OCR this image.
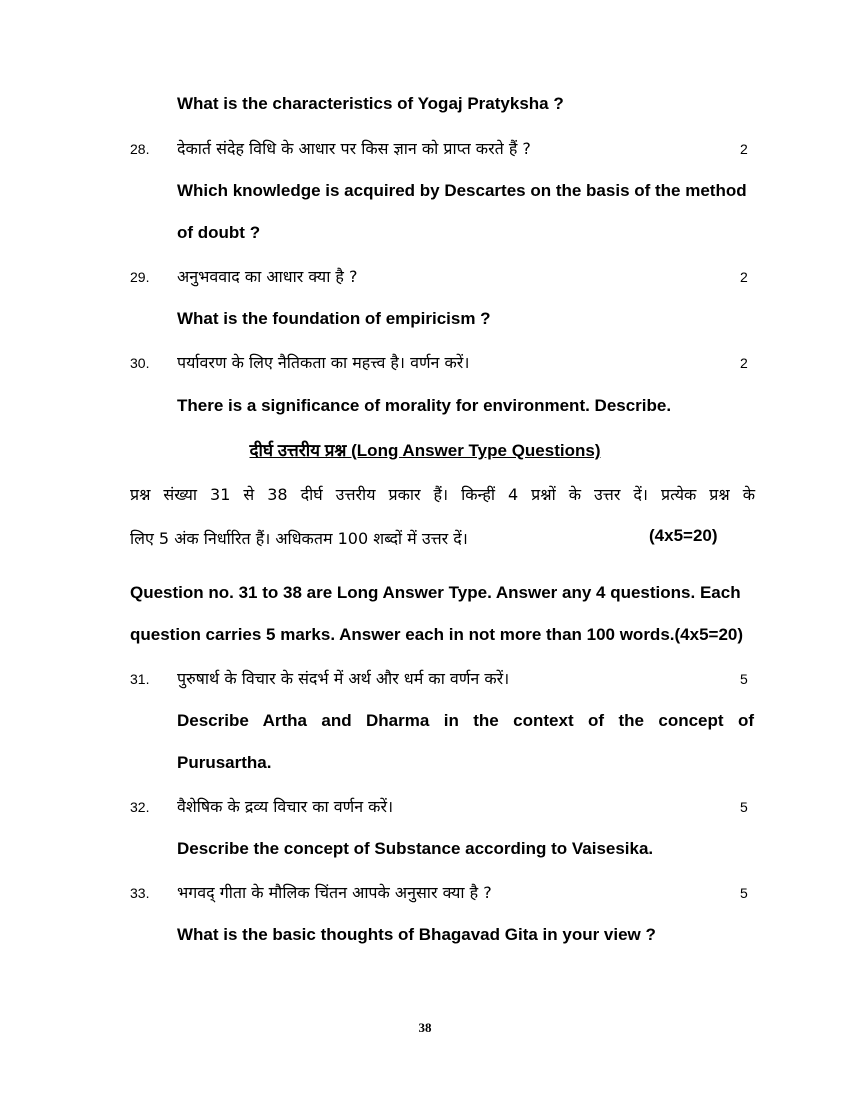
What is the characteristics of Yogaj Pratyksha ?
28. देकार्त संदेह विधि के आधार पर किस ज्ञान को प्राप्त करते हैं ?	2
Which knowledge is acquired by Descartes on the basis of the method
of doubt ?
29. अनुभववाद का आधार क्या है ?	2
What is the foundation of empiricism ?
30. पर्यावरण के लिए नैतिकता का महत्त्व है। वर्णन करें।	2
There is a significance of morality for environment. Describe.
दीर्घ उत्तरीय प्रश्न (Long Answer Type Questions)
प्रश्न संख्या 31 से 38 दीर्घ उत्तरीय प्रकार हैं। किन्हीं 4 प्रश्नों के उत्तर दें। प्रत्येक प्रश्न के
लिए 5 अंक निर्धारित हैं। अधिकतम 100 शब्दों में उत्तर दें।	(4x5=20)
Question no. 31 to 38 are Long Answer Type. Answer any 4 questions. Each
question carries 5 marks. Answer each in not more than 100 words.(4x5=20)
31. पुरुषार्थ के विचार के संदर्भ में अर्थ और धर्म का वर्णन करें।	5
Describe Artha and Dharma in the context of the concept of
Purusartha.
32. वैशेषिक के द्रव्य विचार का वर्णन करें।	5
Describe the concept of Substance according to Vaisesika.
33. भगवद् गीता के मौलिक चिंतन आपके अनुसार क्या है ?	5
What is the basic thoughts of Bhagavad Gita in your view ?
38
